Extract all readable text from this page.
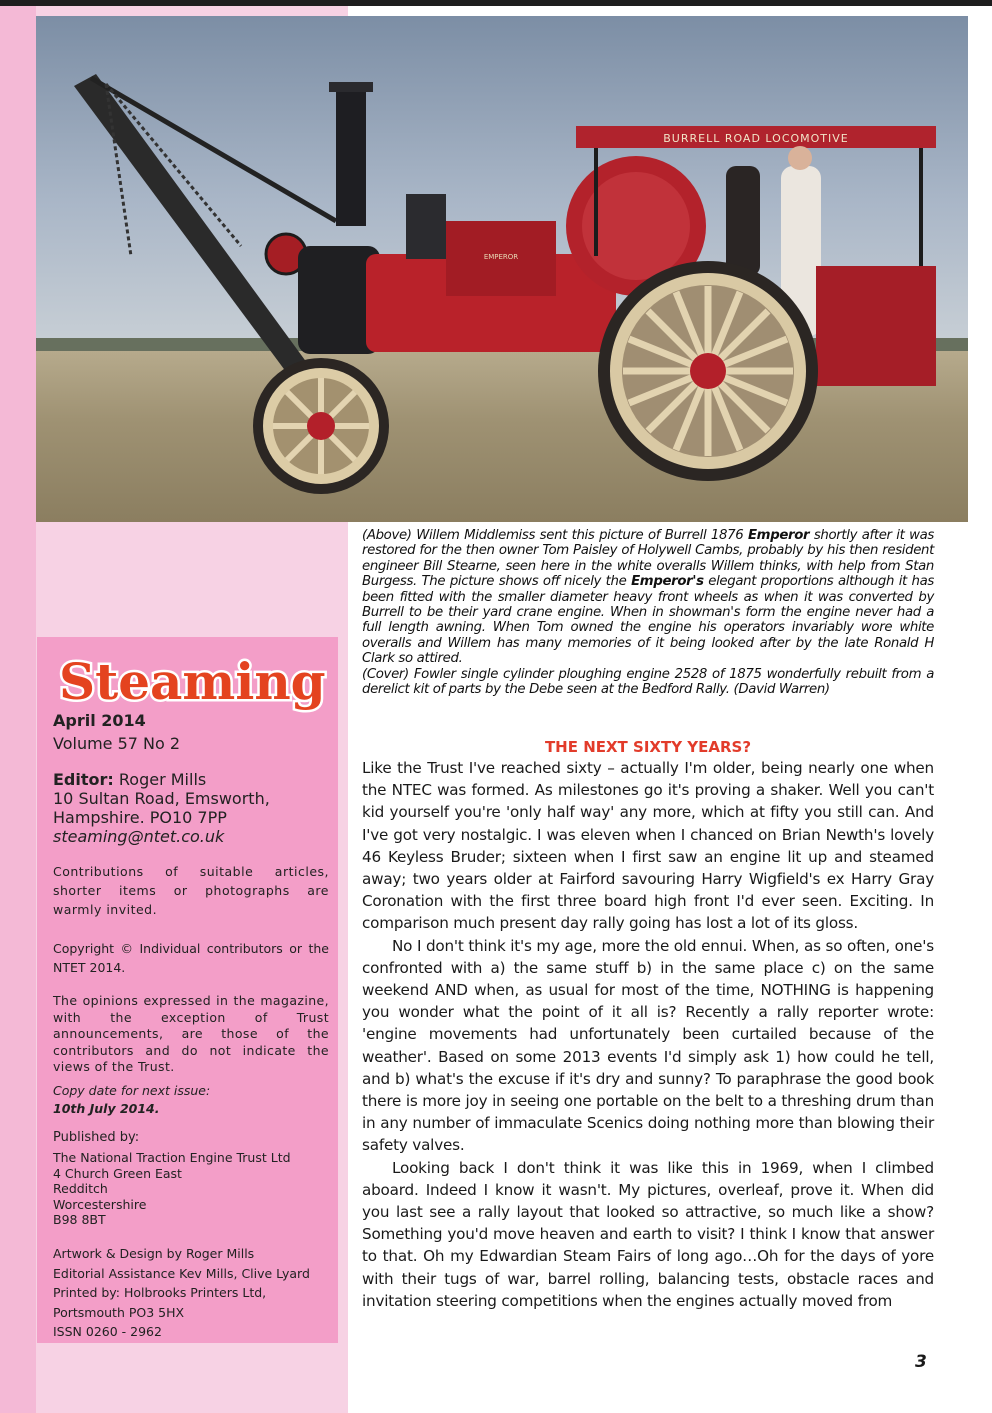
EMPEROR
BURRELL ROAD LOCOMOTIVE
Steaming
April 2014
Volume 57 No 2
Editor: Roger Mills
10 Sultan Road, Emsworth,
Hampshire. PO10 7PP
steaming@ntet.co.uk
Contributions of suitable articles, shorter items or photographs are warmly invited.
Copyright © Individual contributors or the NTET 2014.
The opinions expressed in the magazine, with the exception of Trust announcements, are those of the contributors and do not indicate the views of the Trust.
Copy date for next issue:
10th July 2014.
Published by:
The National Traction Engine Trust Ltd
4 Church Green East
Redditch
Worcestershire
B98 8BT
Artwork & Design by Roger Mills
Editorial Assistance Kev Mills, Clive Lyard
Printed by: Holbrooks Printers Ltd,
Portsmouth PO3 5HX
ISSN 0260 - 2962
(Above) Willem Middlemiss sent this picture of Burrell 1876 Emperor shortly after it was restored for the then owner Tom Paisley of Holywell Cambs, probably by his then resident engineer Bill Stearne, seen here in the white overalls Willem thinks, with help from Stan Burgess. The picture shows off nicely the Emperor's elegant proportions although it has been fitted with the smaller diameter heavy front wheels as when it was converted by Burrell to be their yard crane engine. When in showman's form the engine never had a full length awning. When Tom owned the engine his operators invariably wore white overalls and Willem has many memories of it being looked after by the late Ronald H Clark so attired.
(Cover) Fowler single cylinder ploughing engine 2528 of 1875 wonderfully rebuilt from a derelict kit of parts by the Debe seen at the Bedford Rally. (David Warren)
THE NEXT SIXTY YEARS?

Like the Trust I've reached sixty – actually I'm older, being nearly one when the NTEC was formed. As milestones go it's proving a shaker. Well you can't kid yourself you're 'only half way' any more, which at fifty you still can. And I've got very nostalgic. I was eleven when I chanced on Brian Newth's lovely 46 Keyless Bruder; sixteen when I first saw an engine lit up and steamed away; two years older at Fairford savouring Harry Wigfield's ex Harry Gray Coronation with the first three board high front I'd ever seen. Exciting. In comparison much present day rally going has lost a lot of its gloss.

No I don't think it's my age, more the old ennui. When, as so often, one's confronted with a) the same stuff b) in the same place c) on the same weekend AND when, as usual for most of the time, NOTHING is happening you wonder what the point of it all is? Recently a rally reporter wrote: 'engine movements had unfortunately been curtailed because of the weather'. Based on some 2013 events I'd simply ask 1) how could he tell, and b) what's the excuse if it's dry and sunny? To paraphrase the good book there is more joy in seeing one portable on the belt to a threshing drum than in any number of immaculate Scenics doing nothing more than blowing their safety valves.

Looking back I don't think it was like this in 1969, when I climbed aboard. Indeed I know it wasn't. My pictures, overleaf, prove it. When did you last see a rally layout that looked so attractive, so much like a show? Something you'd move heaven and earth to visit? I think I know that answer to that. Oh my Edwardian Steam Fairs of long ago…Oh for the days of yore with their tugs of war, barrel rolling, balancing tests, obstacle races and invitation steering competitions when the engines actually moved from

3
